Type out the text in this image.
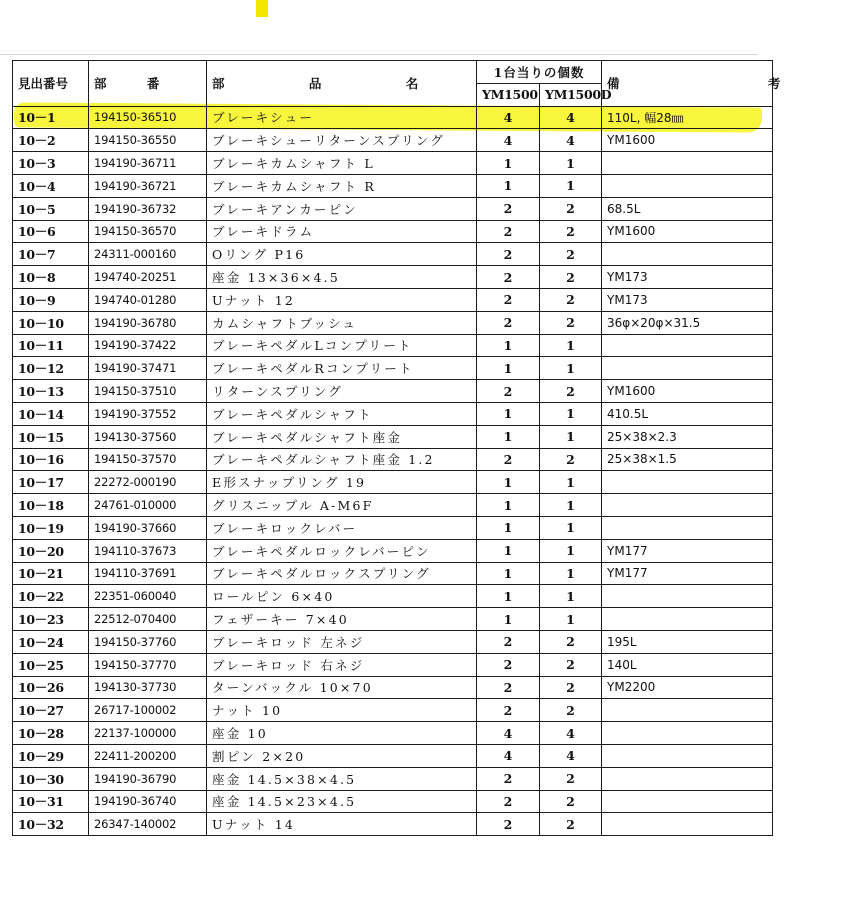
見出番号	部 番	部 品 名	1台当りの個数		備 考
			YM1500	YM1500D	
10－1	194150-36510	ブレーキシュー	4	4	110L, 幅28㎜
10－2	194150-36550	ブレーキシューリターンスプリング	4	4	YM1600
10－3	194190-36711	ブレーキカムシャフト L	1	1	
10－4	194190-36721	ブレーキカムシャフト R	1	1	
10－5	194190-36732	ブレーキアンカーピン	2	2	68.5L
10－6	194150-36570	ブレーキドラム	2	2	YM1600
10－7	24311-000160	Oリング P16	2	2	
10－8	194740-20251	座金 13×36×4.5	2	2	YM173
10－9	194740-01280	Uナット 12	2	2	YM173
10－10	194190-36780	カムシャフトブッシュ	2	2	36φ×20φ×31.5
10－11	194190-37422	ブレーキペダルLコンプリート	1	1	
10－12	194190-37471	ブレーキペダルRコンプリート	1	1	
10－13	194150-37510	リターンスプリング	2	2	YM1600
10－14	194190-37552	ブレーキペダルシャフト	1	1	410.5L
10－15	194130-37560	ブレーキペダルシャフト座金	1	1	25×38×2.3
10－16	194150-37570	ブレーキペダルシャフト座金 1.2	2	2	25×38×1.5
10－17	22272-000190	E形スナップリング 19	1	1	
10－18	24761-010000	グリスニップル A-M6F	1	1	
10－19	194190-37660	ブレーキロックレバー	1	1	
10－20	194110-37673	ブレーキペダルロックレバーピン	1	1	YM177
10－21	194110-37691	ブレーキペダルロックスプリング	1	1	YM177
10－22	22351-060040	ロールピン 6×40	1	1	
10－23	22512-070400	フェザーキー 7×40	1	1	
10－24	194150-37760	ブレーキロッド 左ネジ	2	2	195L
10－25	194150-37770	ブレーキロッド 右ネジ	2	2	140L
10－26	194130-37730	ターンバックル 10×70	2	2	YM2200
10－27	26717-100002	ナット 10	2	2	
10－28	22137-100000	座金 10	4	4	
10－29	22411-200200	割ピン 2×20	4	4	
10－30	194190-36790	座金 14.5×38×4.5	2	2	
10－31	194190-36740	座金 14.5×23×4.5	2	2	
10－32	26347-140002	Uナット 14	2	2	
